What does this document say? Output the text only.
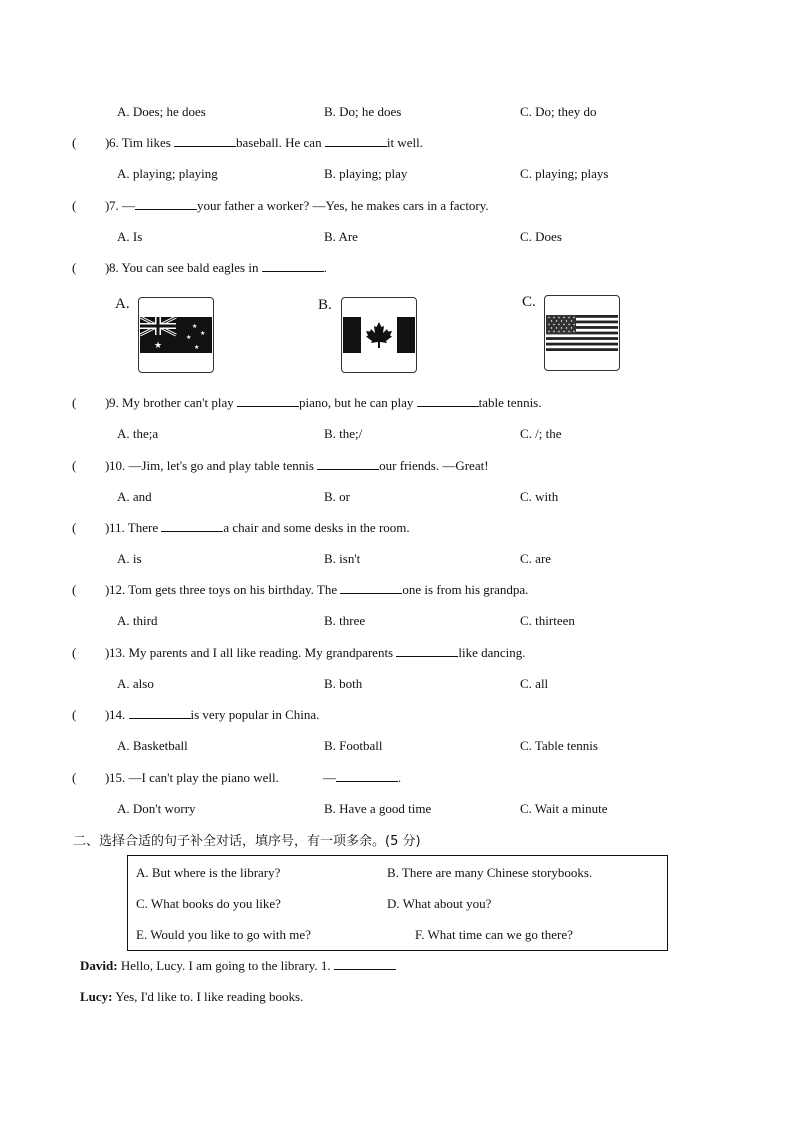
A. Does; he does	B. Do; he does	C. Do; they do
( ) 6. Tim likes	baseball. He can	it well.
A. playing; playing	B. playing; play	C. playing; plays
( ) 7. —	your father a worker? —Yes, he makes cars in a factory.
A. Is	B. Are	C. Does
( ) 8. You can see bald eagles in	.
A.
★
★
★
★
★
B.	C.
( ) 9. My brother can't play	piano, but he can play	table tennis.
A. the;a	B. the;/	C. /; the
( ) 10. —Jim, let's go and play table tennis	our friends. —Great!
A. and	B. or	C. with
( ) 11. There	a chair and some desks in the room.
A. is	B. isn't	C. are
( ) 12. Tom gets three toys on his birthday. The	one is from his grandpa.
A. third	B. three	C. thirteen
( ) 13. My parents and I all like reading. My grandparents	like dancing.
A. also	B. both	C. all
( ) 14.	is very popular in China.
A. Basketball	B. Football	C. Table tennis
( ) 15. —I can't play the piano well.	—	.
A. Don't worry	B. Have a good time	C. Wait a minute
二、选择合适的句子补全对话，填序号，有一项多余。(5 分)
A. But where is the library?	B. There are many Chinese storybooks.
C. What books do you like?	D. What about you?
E. Would you like to go with me?	F. What time can we go there?
David: Hello, Lucy. I am going to the library. 1.
Lucy: Yes, I'd like to. I like reading books.
